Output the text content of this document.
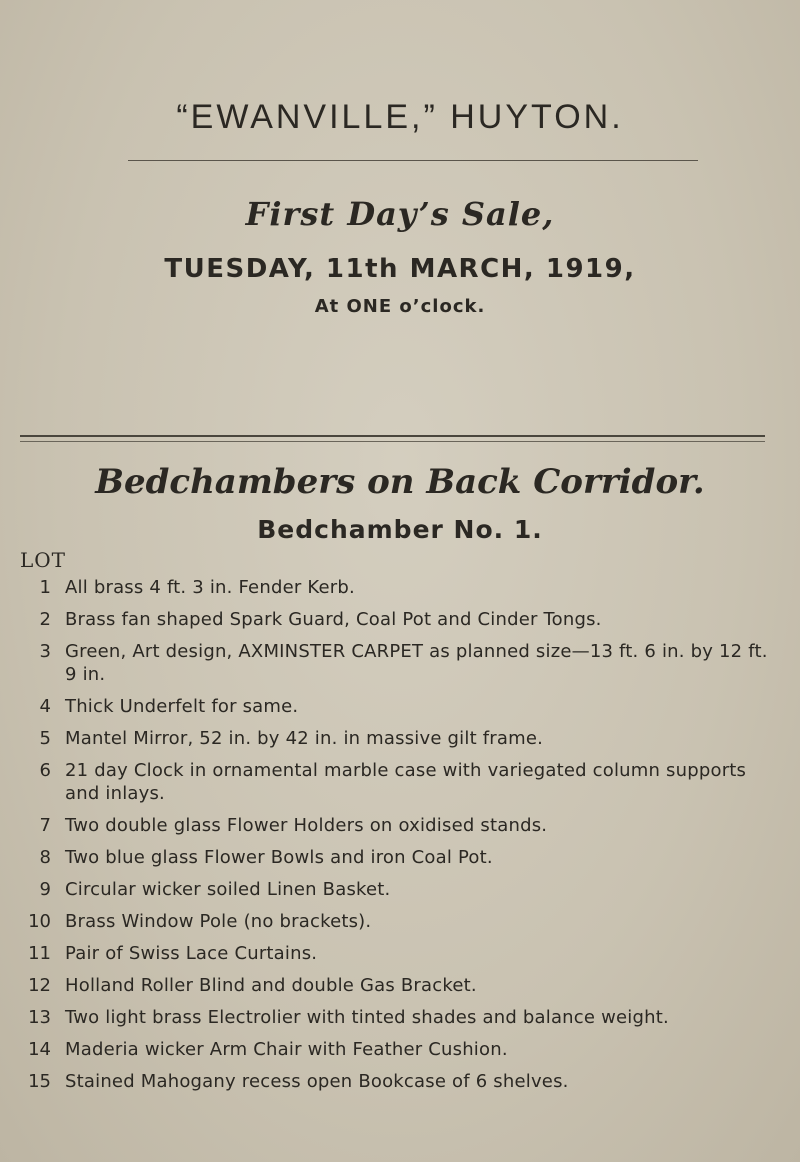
“EWANVILLE,” HUYTON.
First Day’s Sale,
TUESDAY, 11th MARCH, 1919,
At ONE o’clock.
Bedchambers on Back Corridor.
Bedchamber No. 1.
LOT
1 All brass 4 ft. 3 in. Fender Kerb.
2 Brass fan shaped Spark Guard, Coal Pot and Cinder Tongs.
3 Green, Art design, AXMINSTER CARPET as planned size—13 ft. 6 in. by 12 ft. 9 in.
4 Thick Underfelt for same.
5 Mantel Mirror, 52 in. by 42 in. in massive gilt frame.
6 21 day Clock in ornamental marble case with variegated column supports and inlays.
7 Two double glass Flower Holders on oxidised stands.
8 Two blue glass Flower Bowls and iron Coal Pot.
9 Circular wicker soiled Linen Basket.
10 Brass Window Pole (no brackets).
11 Pair of Swiss Lace Curtains.
12 Holland Roller Blind and double Gas Bracket.
13 Two light brass Electrolier with tinted shades and balance weight.
14 Maderia wicker Arm Chair with Feather Cushion.
15 Stained Mahogany recess open Bookcase of 6 shelves.
